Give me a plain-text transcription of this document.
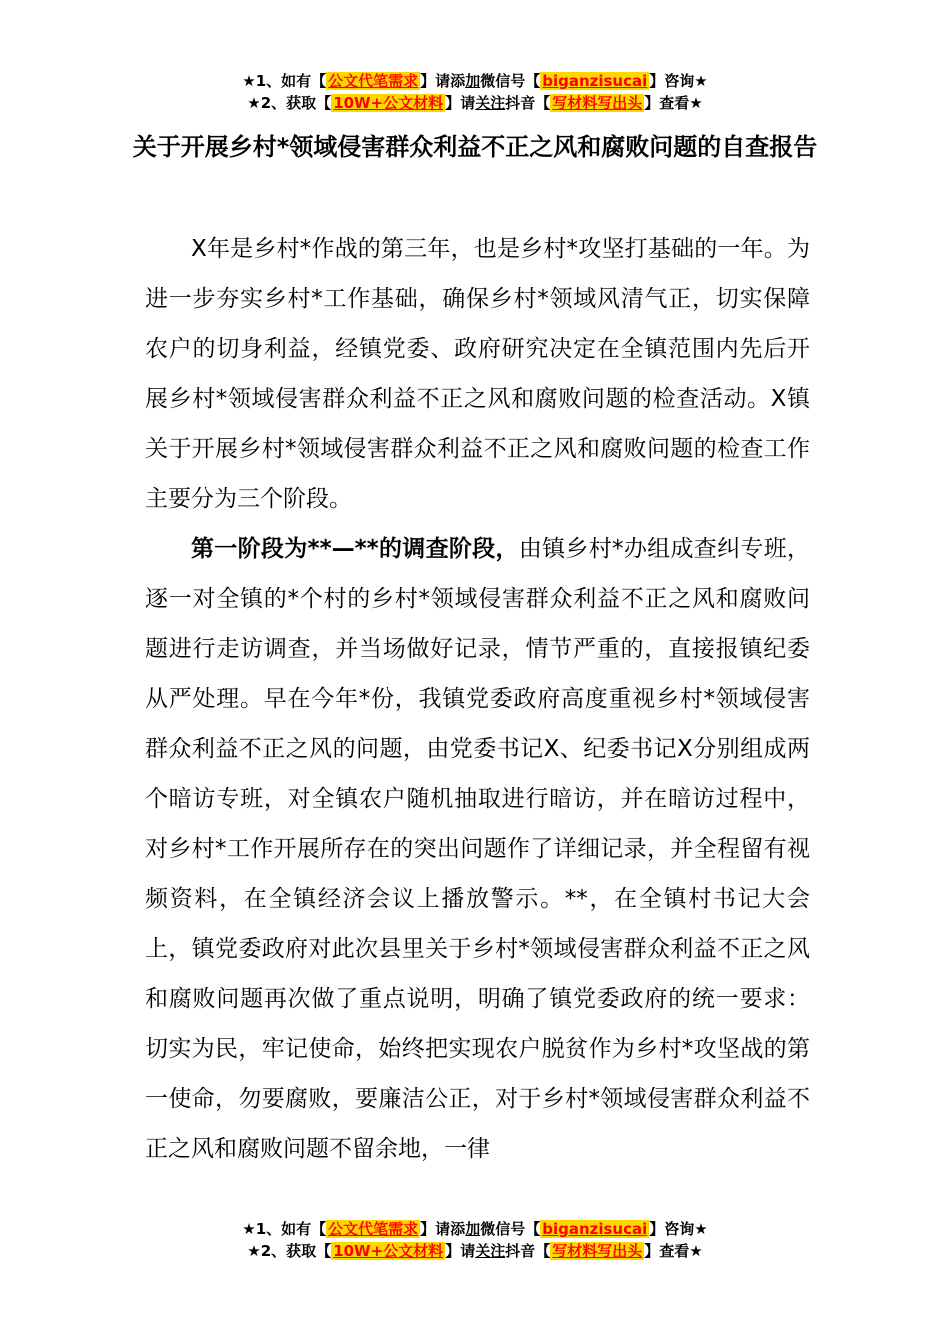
★1、如有【 公文代笔需求 】请添加微信号【 biganzisucai 】咨询★
★2、获取【 10W+公文材料 】请关注抖音【 写材料写出头 】查看★
关于开展乡村*领域侵害群众利益不正之风和腐败问题的自查报告

X年是乡村*作战的第三年，也是乡村*攻坚打基础的一年。为进一步夯实乡村*工作基础，确保乡村*领域风清气正，切实保障农户的切身利益，经镇党委、政府研究决定在全镇范围内先后开展乡村*领域侵害群众利益不正之风和腐败问题的检查活动。X镇关于开展乡村*领域侵害群众利益不正之风和腐败问题的检查工作主要分为三个阶段。

第一阶段为**—**的调查阶段，由镇乡村*办组成查纠专班，逐一对全镇的*个村的乡村*领域侵害群众利益不正之风和腐败问题进行走访调查，并当场做好记录，情节严重的，直接报镇纪委从严处理。早在今年*份，我镇党委政府高度重视乡村*领域侵害群众利益不正之风的问题，由党委书记X、纪委书记X分别组成两个暗访专班，对全镇农户随机抽取进行暗访，并在暗访过程中，对乡村*工作开展所存在的突出问题作了详细记录，并全程留有视频资料，在全镇经济会议上播放警示。**，在全镇村书记大会上，镇党委政府对此次县里关于乡村*领域侵害群众利益不正之风和腐败问题再次做了重点说明，明确了镇党委政府的统一要求：切实为民，牢记使命，始终把实现农户脱贫作为乡村*攻坚战的第一使命，勿要腐败，要廉洁公正，对于乡村*领域侵害群众利益不正之风和腐败问题不留余地，一律

★1、如有【 公文代笔需求 】请添加微信号【 biganzisucai 】咨询★
★2、获取【 10W+公文材料 】请关注抖音【 写材料写出头 】查看★
